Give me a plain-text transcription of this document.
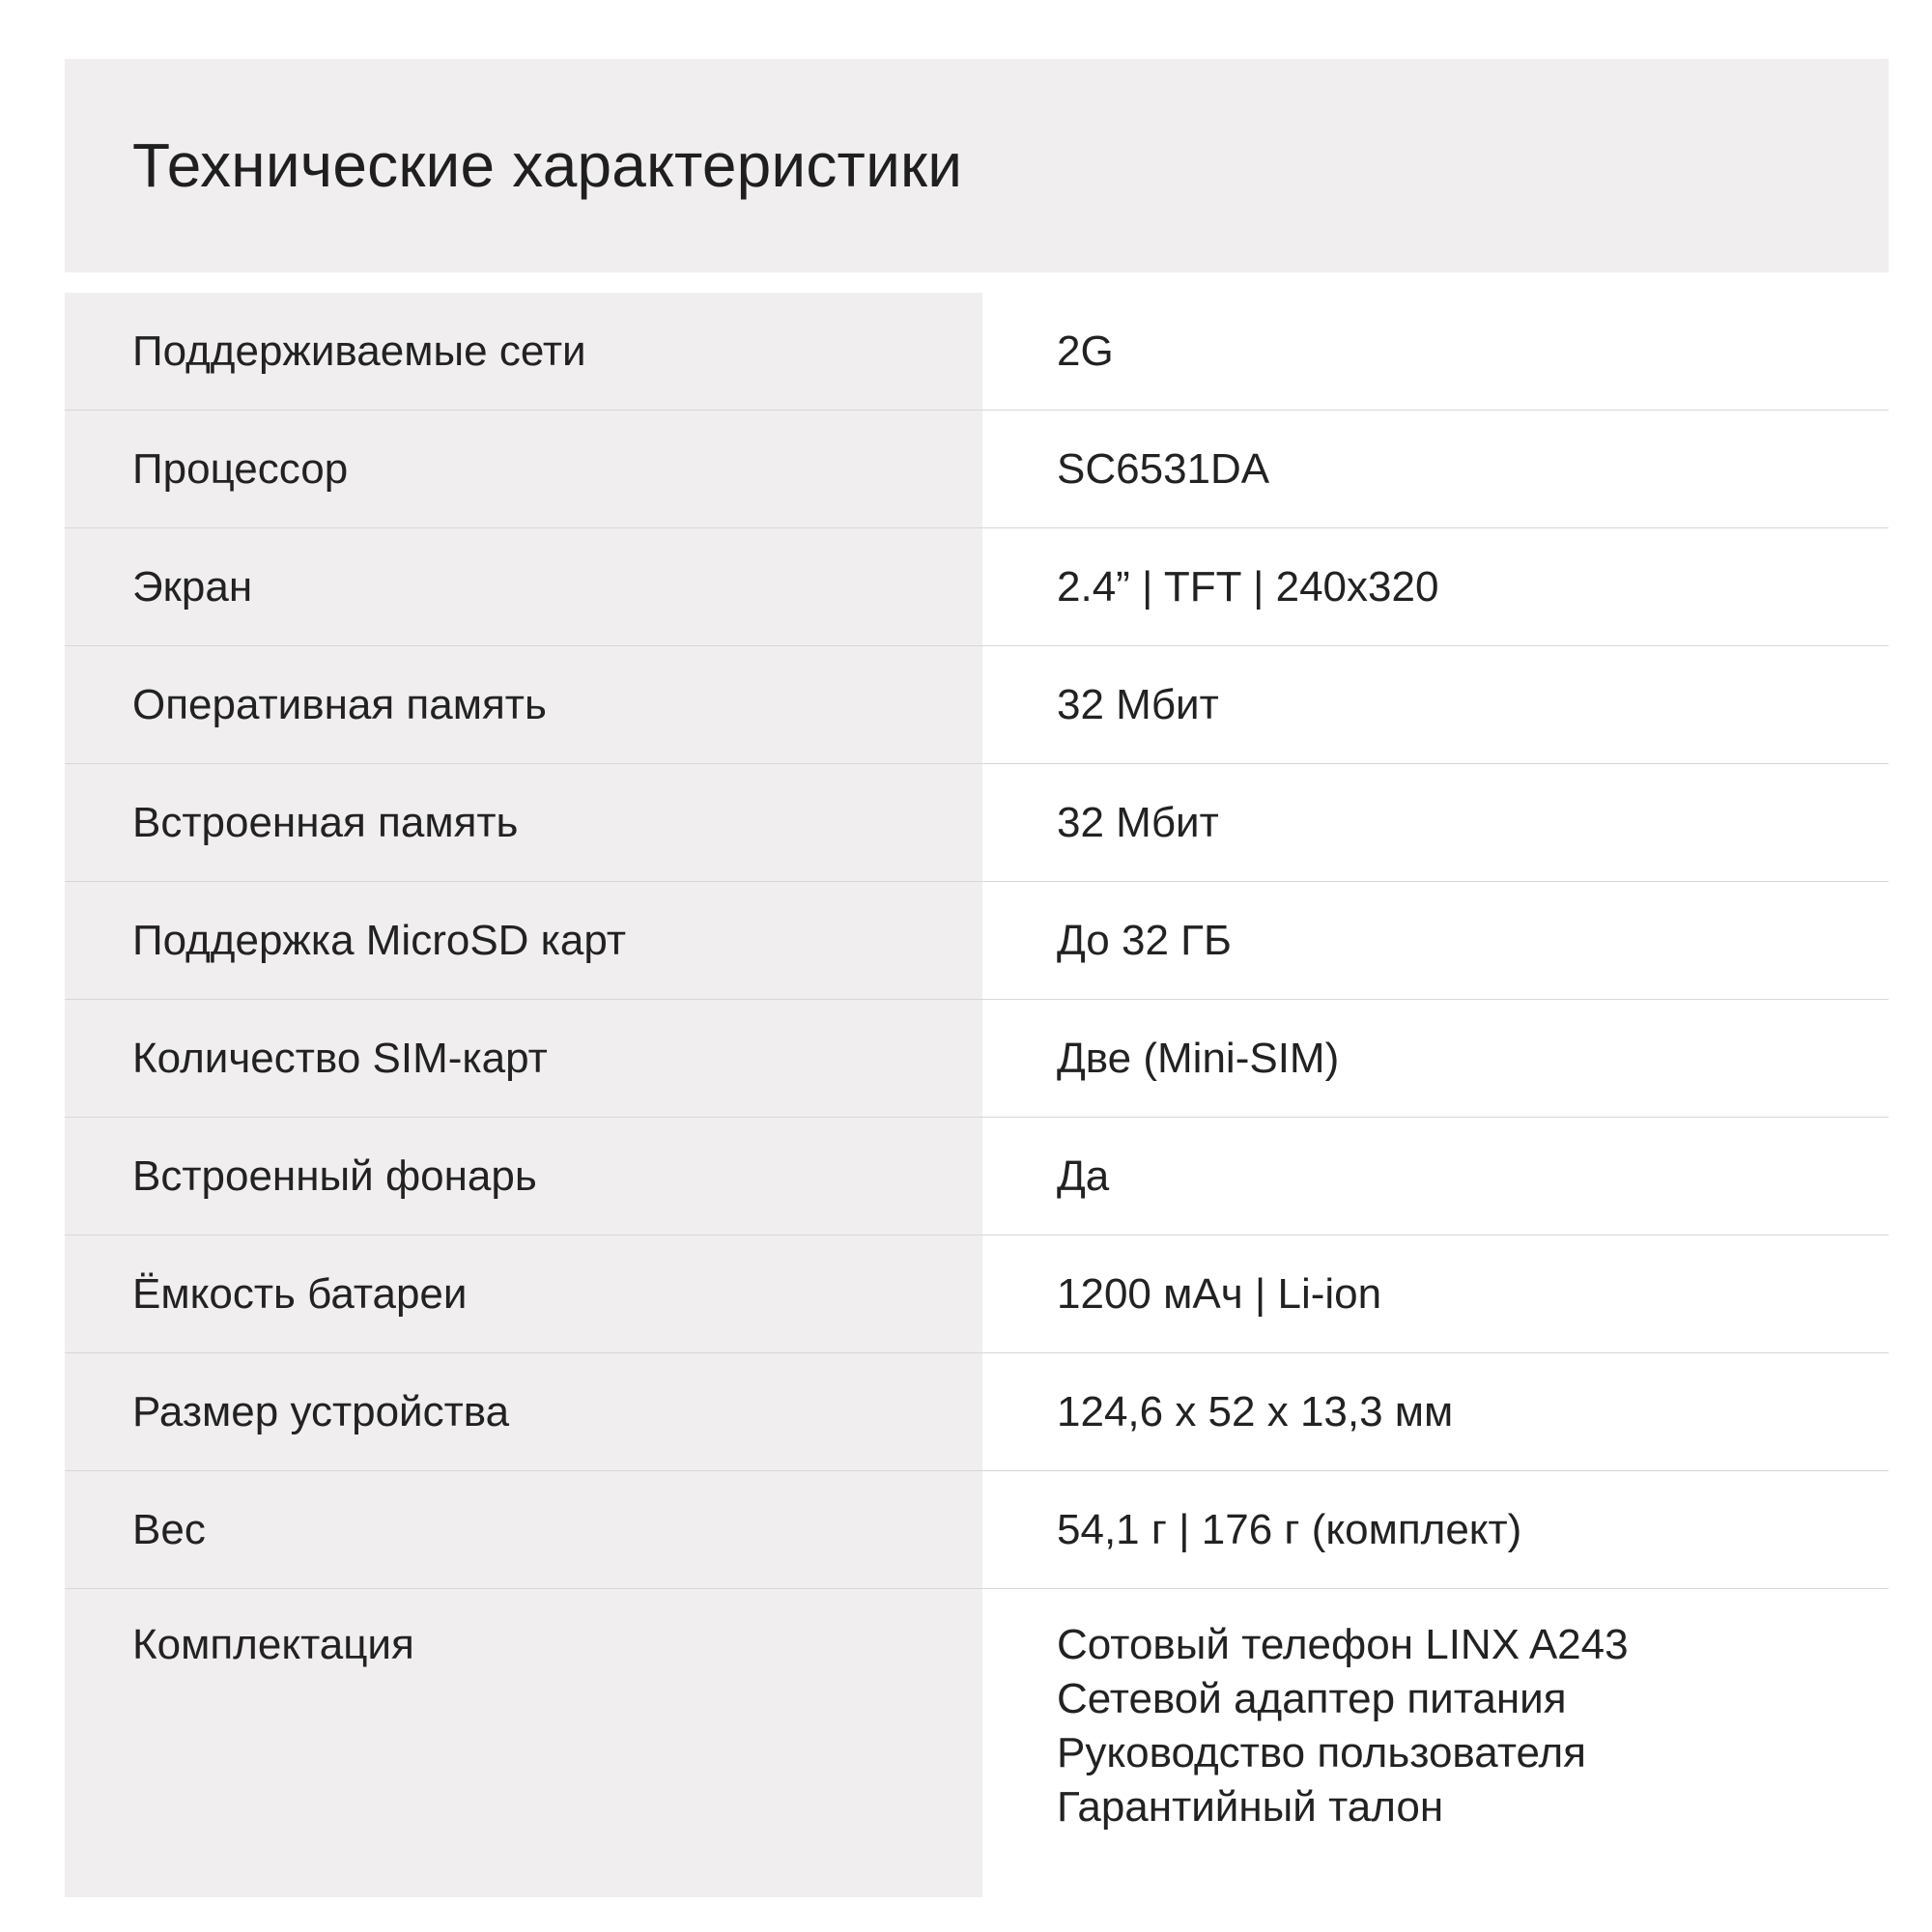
Технические характеристики
Поддерживаемые сети	2G
Процессор	SC6531DA
Экран	2.4” | TFT | 240x320
Оперативная память	32 Мбит
Встроенная память	32 Мбит
Поддержка MicroSD карт	До 32 ГБ
Количество SIM-карт	Две (Mini-SIM)
Встроенный фонарь	Да
Ёмкость батареи	1200 мАч | Li-ion
Размер устройства	124,6 x 52 x 13,3 мм
Вес	54,1 г | 176 г (комплект)
Комплектация	Сотовый телефон LINX A243
Сетевой адаптер питания
Руководство пользователя
Гарантийный талон
